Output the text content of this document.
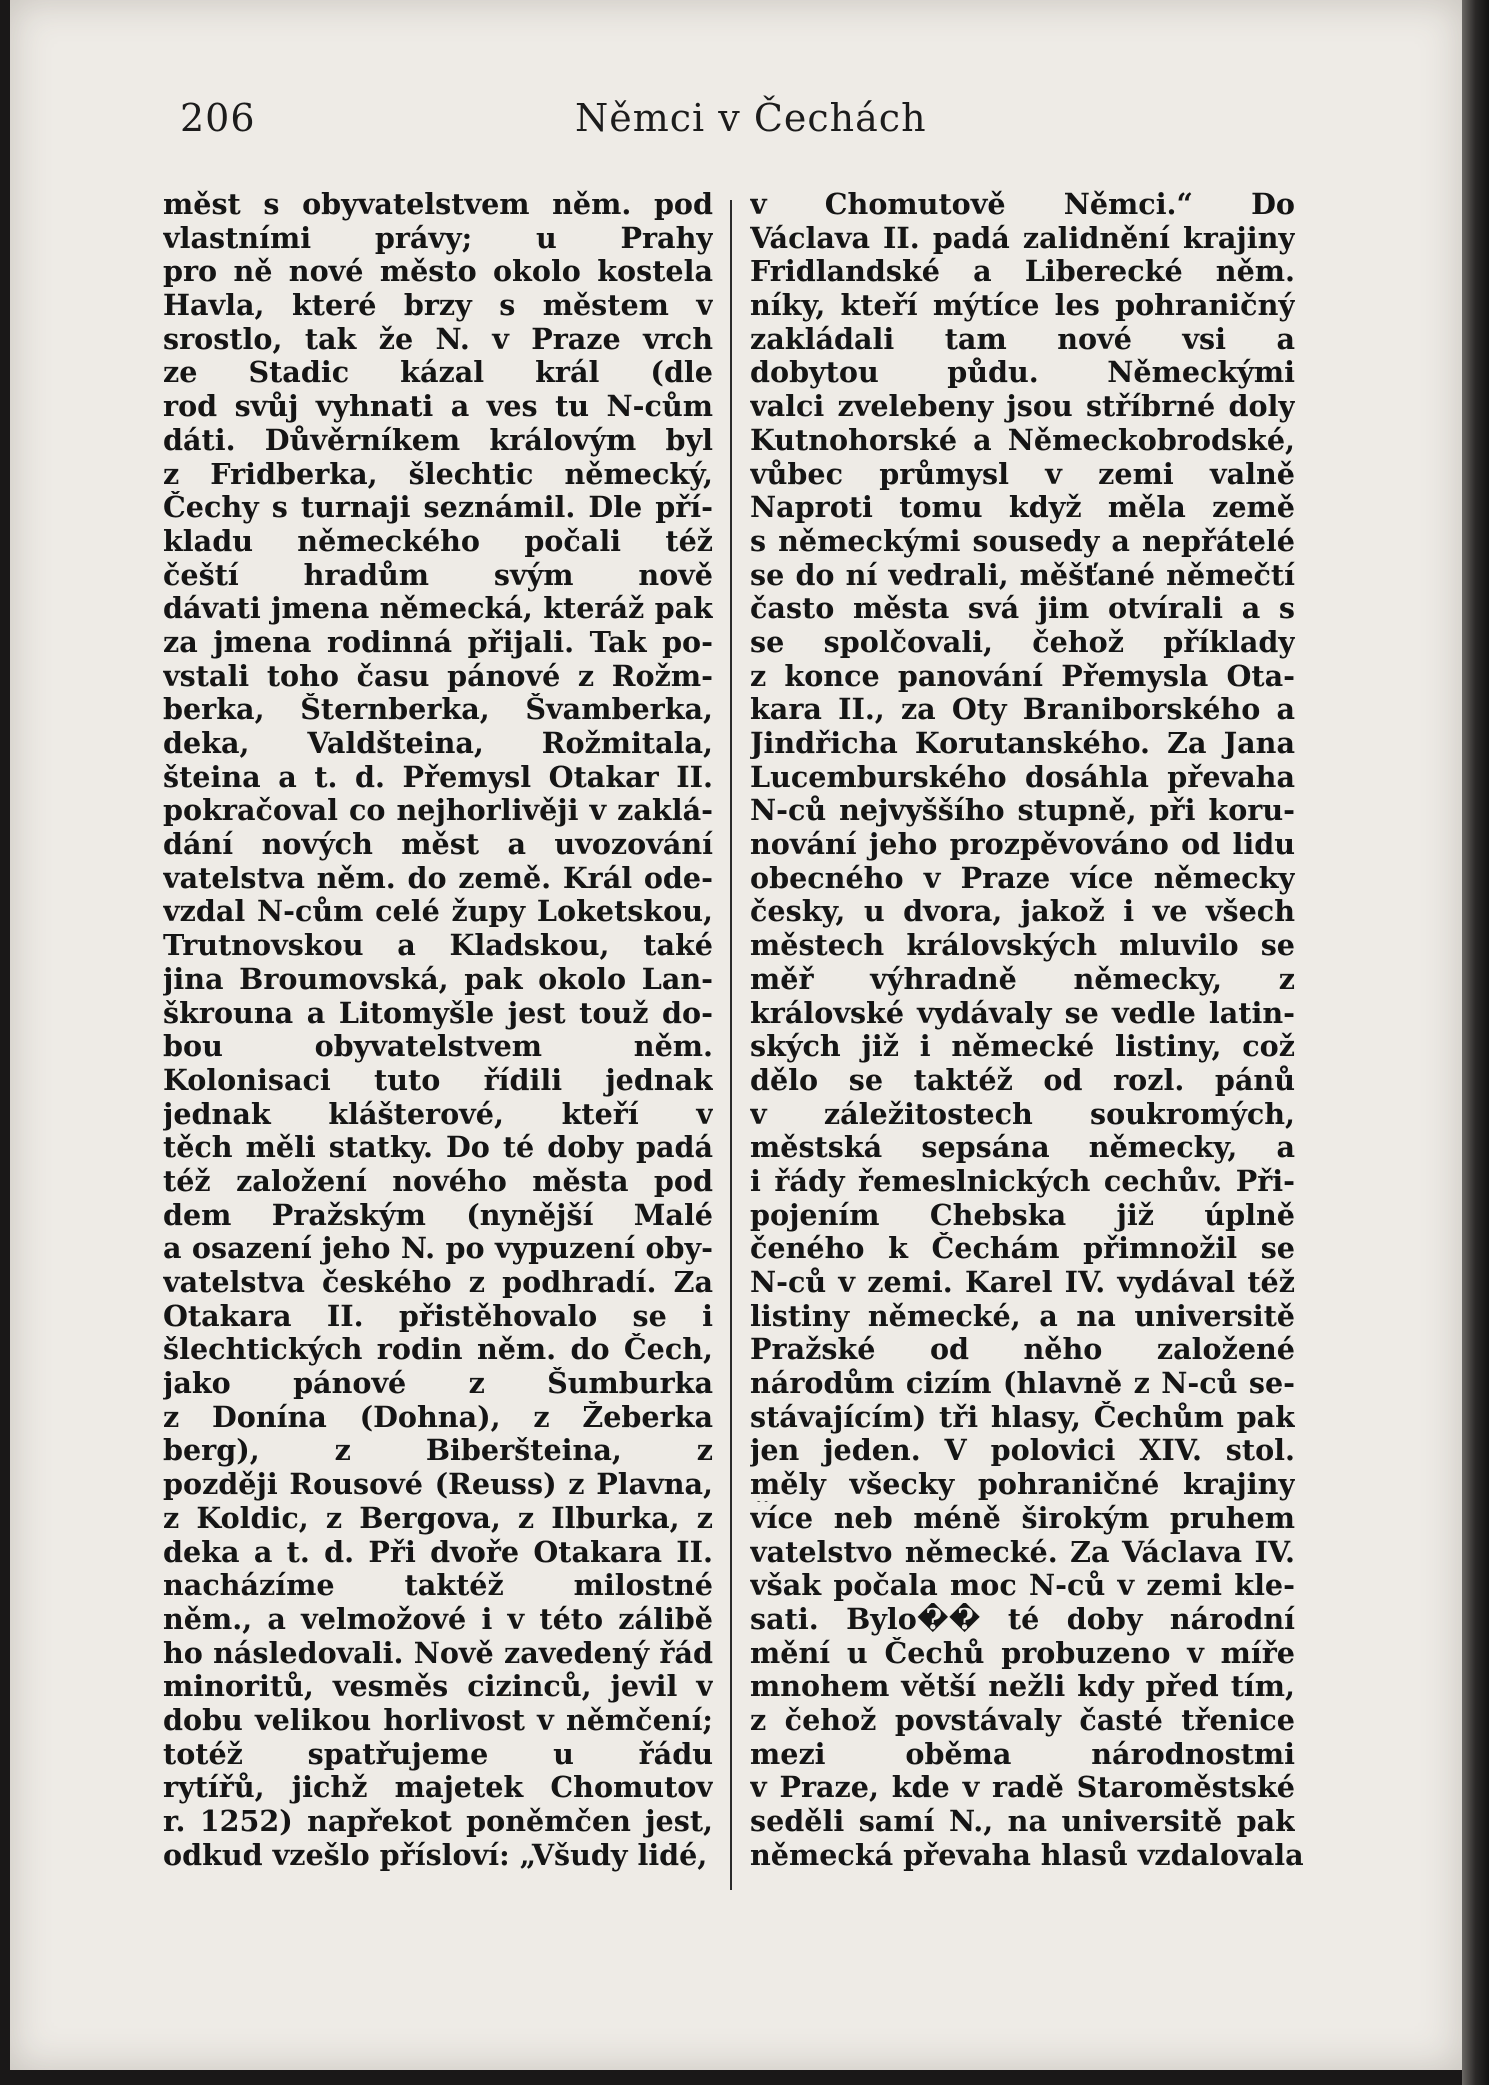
206	Němci v Čechách
měst s obyvatelstvem něm. pod
vlastními právy; u Prahy
pro ně nové město okolo kostela
Havla, které brzy s městem v
srostlo, tak že N. v Praze vrch
ze Stadic kázal král (dle
rod svůj vyhnati a ves tu N-cům
dáti. Důvěrníkem královým byl
z Fridberka, šlechtic německý,
Čechy s turnaji seznámil. Dle pří-
kladu německého počali též
čeští hradům svým nově
dávati jmena německá, kteráž pak
za jmena rodinná přijali. Tak po-
vstali toho času pánové z Rožm-
berka, Šternberka, Švamberka,
deka, Valdšteina, Rožmitala,
šteina a t. d. Přemysl Otakar II.
pokračoval co nejhorlivěji v zaklá-
dání nových měst a uvozování
vatelstva něm. do země. Král ode-
vzdal N-cům celé župy Loketskou,
Trutnovskou a Kladskou, také
jina Broumovská, pak okolo Lan-
škrouna a Litomyšle jest touž do-
bou obyvatelstvem něm.
Kolonisaci tuto řídili jednak
jednak klášterové, kteří v
těch měli statky. Do té doby padá
též založení nového města pod
dem Pražským (nynější Malé
a osazení jeho N. po vypuzení oby-
vatelstva českého z podhradí. Za
Otakara II. přistěhovalo se i
šlechtických rodin něm. do Čech,
jako pánové z Šumburka
z Donína (Dohna), z Žeberka
berg), z Biberšteina, z
později Rousové (Reuss) z Plavna,
z Koldic, z Bergova, z Ilburka, z
deka a t. d. Při dvoře Otakara II.
nacházíme taktéž milostné
něm., a velmožové i v této zálibě
ho následovali. Nově zavedený řád
minoritů, vesměs cizinců, jevil v
dobu velikou horlivost v němčení;
totéž spatřujeme u řádu
rytířů, jichž majetek Chomutov
r. 1252) napřekot poněmčen jest,
odkud vzešlo přísloví: „Všudy lidé,
v Chomutově Němci.“ Do
Václava II. padá zalidnění krajiny
Fridlandské a Liberecké něm.
níky, kteří mýtíce les pohraničný
zakládali tam nové vsi a
dobytou půdu. Německými
valci zvelebeny jsou stříbrné doly
Kutnohorské a Německobrodské,
vůbec průmysl v zemi valně
Naproti tomu když měla země
s německými sousedy a nepřátelé
se do ní vedrali, měšťané němečtí
často města svá jim otvírali a s
se spolčovali, čehož příklady
z konce panování Přemysla Ota-
kara II., za Oty Braniborského a
Jindřicha Korutanského. Za Jana
Lucemburského dosáhla převaha
N-ců nejvyššího stupně, při koru-
nování jeho prozpěvováno od lidu
obecného v Praze více německy
česky, u dvora, jakož i ve všech
městech královských mluvilo se
měř výhradně německy, z
královské vydávaly se vedle latin-
ských již i německé listiny, což
dělo se taktéž od rozl. pánů
v záležitostech soukromých,
městská sepsána německy, a
i řády řemeslnických cechův. Při-
pojením Chebska již úplně
čeného k Čechám přimnožil se
N-ců v zemi. Karel IV. vydával též
listiny německé, a na universitě
Pražské od něho založené
národům cizím (hlavně z N-ců se-
stávajícím) tři hlasy, Čechům pak
jen jeden. V polovici XIV. stol.
měly všecky pohraničné krajiny
více neb méně širokým pruhem
vatelstvo německé. Za Václava IV.
však počala moc N-ců v zemi kle-
sati. Bylo�� té doby národní
mění u Čechů probuzeno v míře
mnohem větší nežli kdy před tím,
z čehož povstávaly časté třenice
mezi oběma národnostmi
v Praze, kde v radě Staroměstské
seděli samí N., na universitě pak
německá převaha hlasů vzdalovala
